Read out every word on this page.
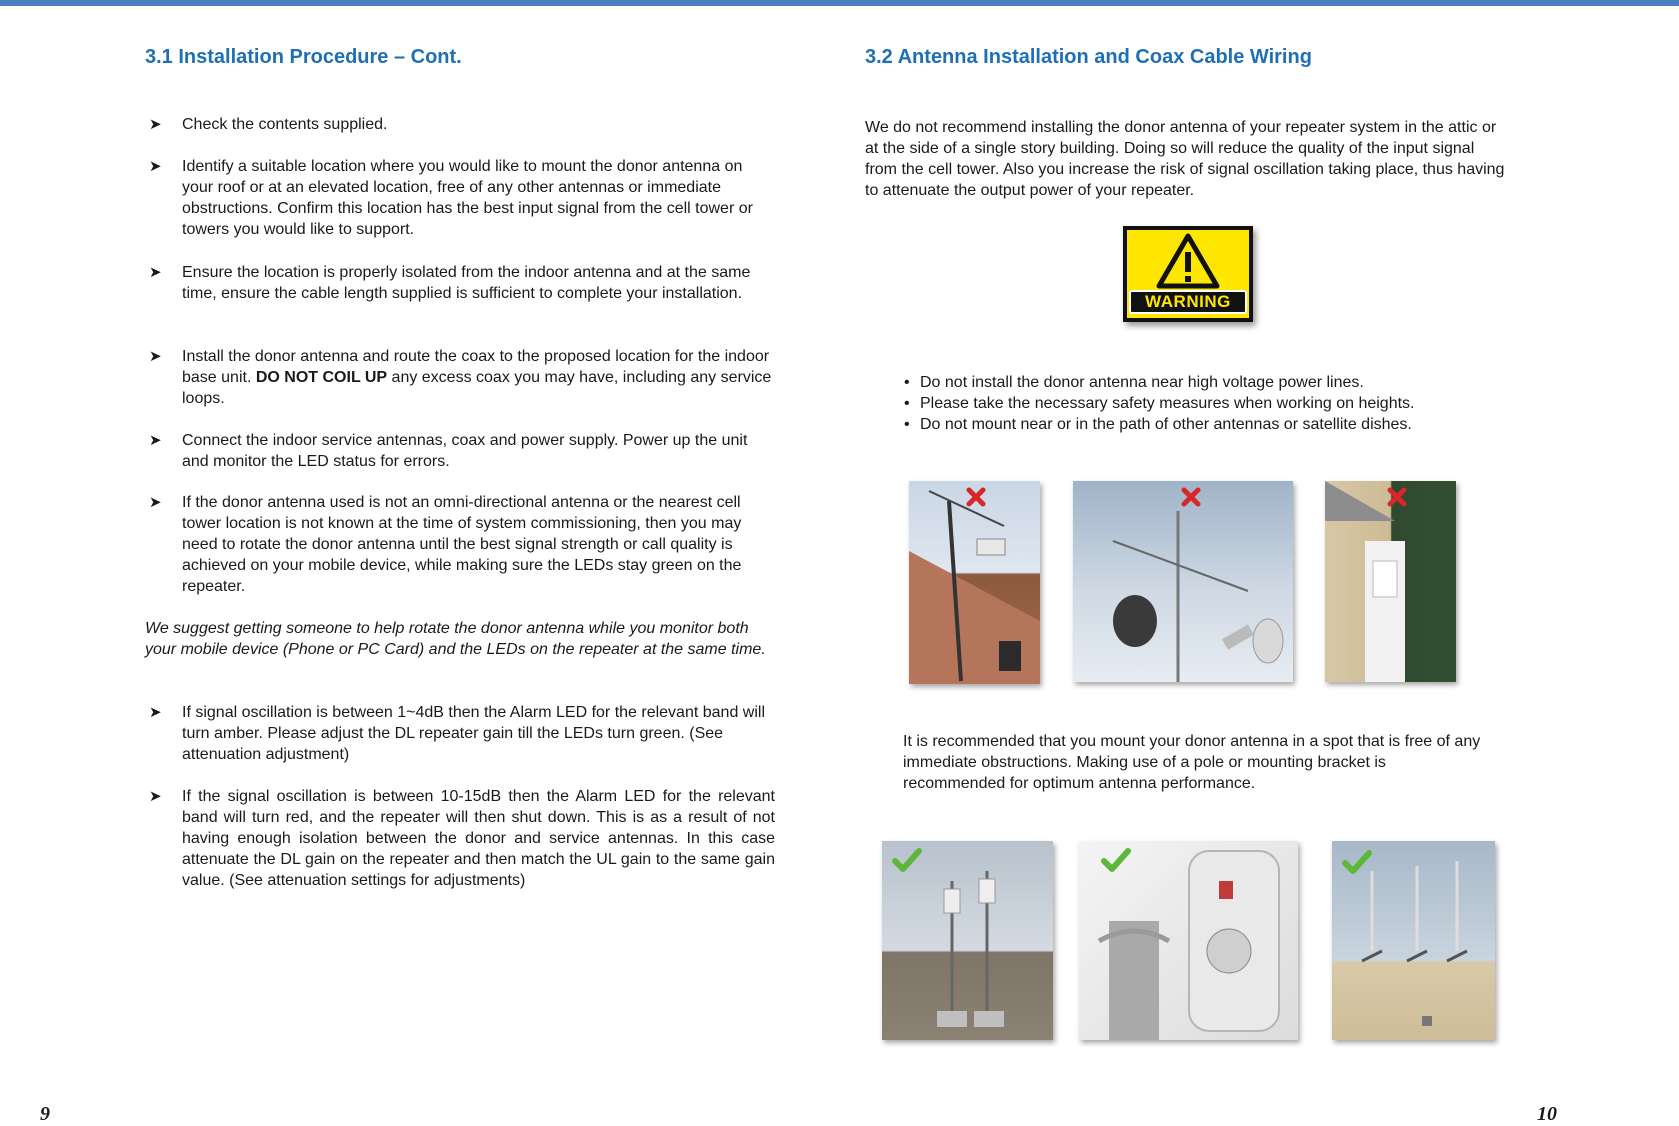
3.1 Installation Procedure – Cont.
➤ Check the contents supplied.
➤ Identify a suitable location where you would like to mount the donor antenna on your roof or at an elevated location, free of any other antennas or immediate obstructions. Confirm this location has the best input signal from the cell tower or towers you would like to support.
➤ Ensure the location is properly isolated from the indoor antenna and at the same time, ensure the cable length supplied is sufficient to complete your installation.
➤ Install the donor antenna and route the coax to the proposed location for the indoor base unit. DO NOT COIL UP any excess coax you may have, including any service loops.
➤ Connect the indoor service antennas, coax and power supply. Power up the unit and monitor the LED status for errors.
➤ If the donor antenna used is not an omni-directional antenna or the nearest cell tower location is not known at the time of system commissioning, then you may need to rotate the donor antenna until the best signal strength or call quality is achieved on your mobile device, while making sure the LEDs stay green on the repeater.
We suggest getting someone to help rotate the donor antenna while you monitor both your mobile device (Phone or PC Card) and the LEDs on the repeater at the same time.
➤ If signal oscillation is between 1~4dB then the Alarm LED for the relevant band will turn amber. Please adjust the DL repeater gain till the LEDs turn green. (See attenuation adjustment)
➤ If the signal oscillation is between 10-15dB then the Alarm LED for the relevant band will turn red, and the repeater will then shut down. This is as a result of not having enough isolation between the donor and service antennas. In this case attenuate the DL gain on the repeater and then match the UL gain to the same gain value. (See attenuation settings for adjustments)
9
3.2 Antenna Installation and Coax Cable Wiring
We do not recommend installing the donor antenna of your repeater system in the attic or at the side of a single story building. Doing so will reduce the quality of the input signal from the cell tower. Also you increase the risk of signal oscillation taking place, thus having to attenuate the output power of your repeater.
WARNING
• Do not install the donor antenna near high voltage power lines.
• Please take the necessary safety measures when working on heights.
• Do not mount near or in the path of other antennas or satellite dishes.
It is recommended that you mount your donor antenna in a spot that is free of any immediate obstructions. Making use of a pole or mounting bracket is recommended for optimum antenna performance.
10
